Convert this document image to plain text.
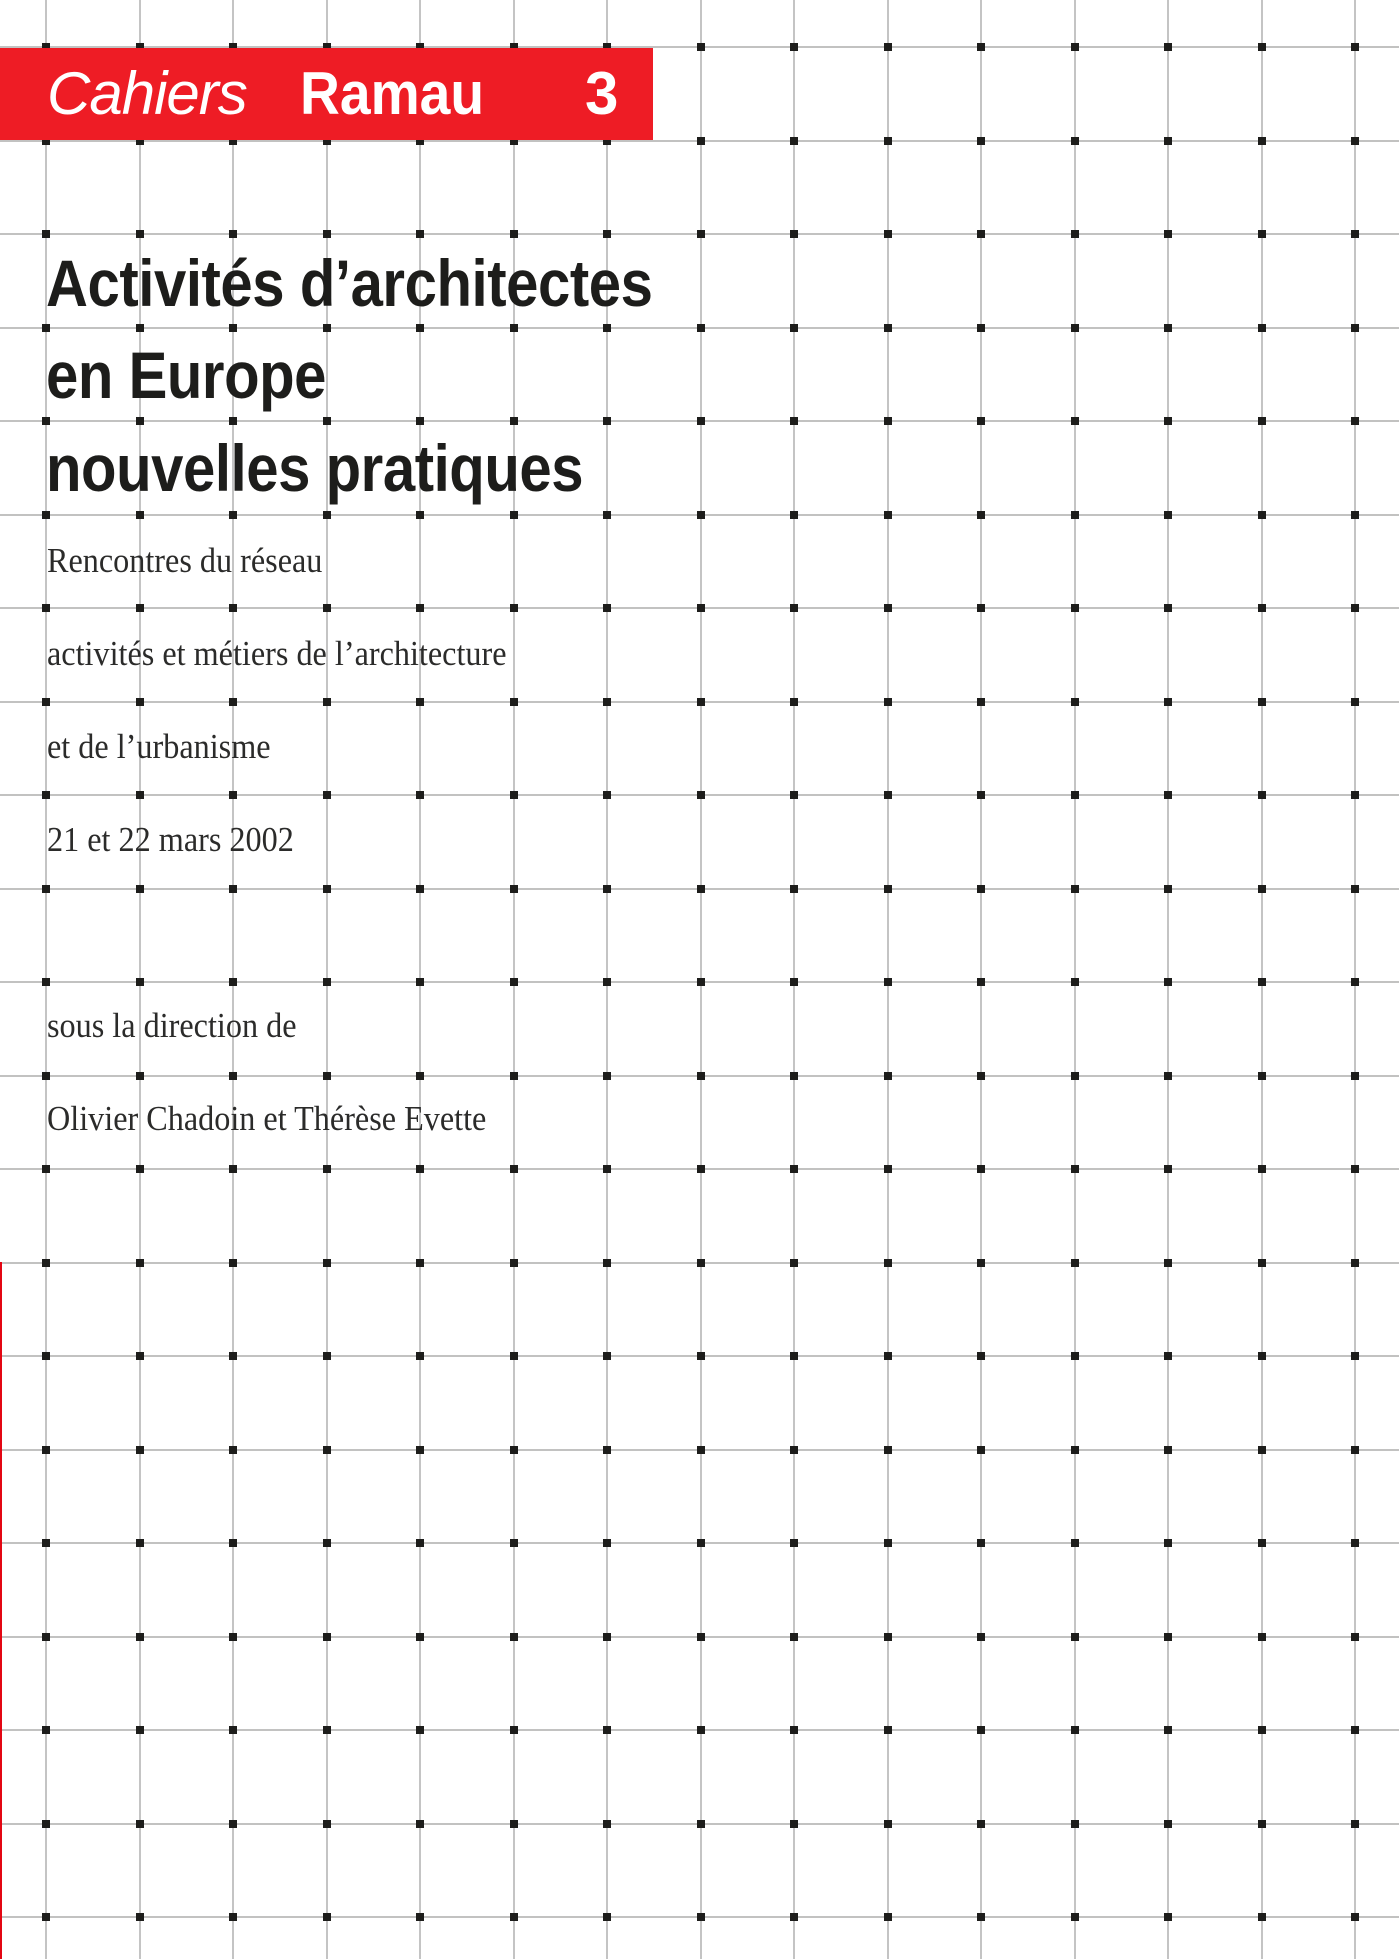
Cahiers Ramau 3
Activités d’architectes
en Europe
nouvelles pratiques

Rencontres du réseau

activités et métiers de l’architecture

et de l’urbanisme

21 et 22 mars 2002

sous la direction de

Olivier Chadoin et Thérèse Evette
